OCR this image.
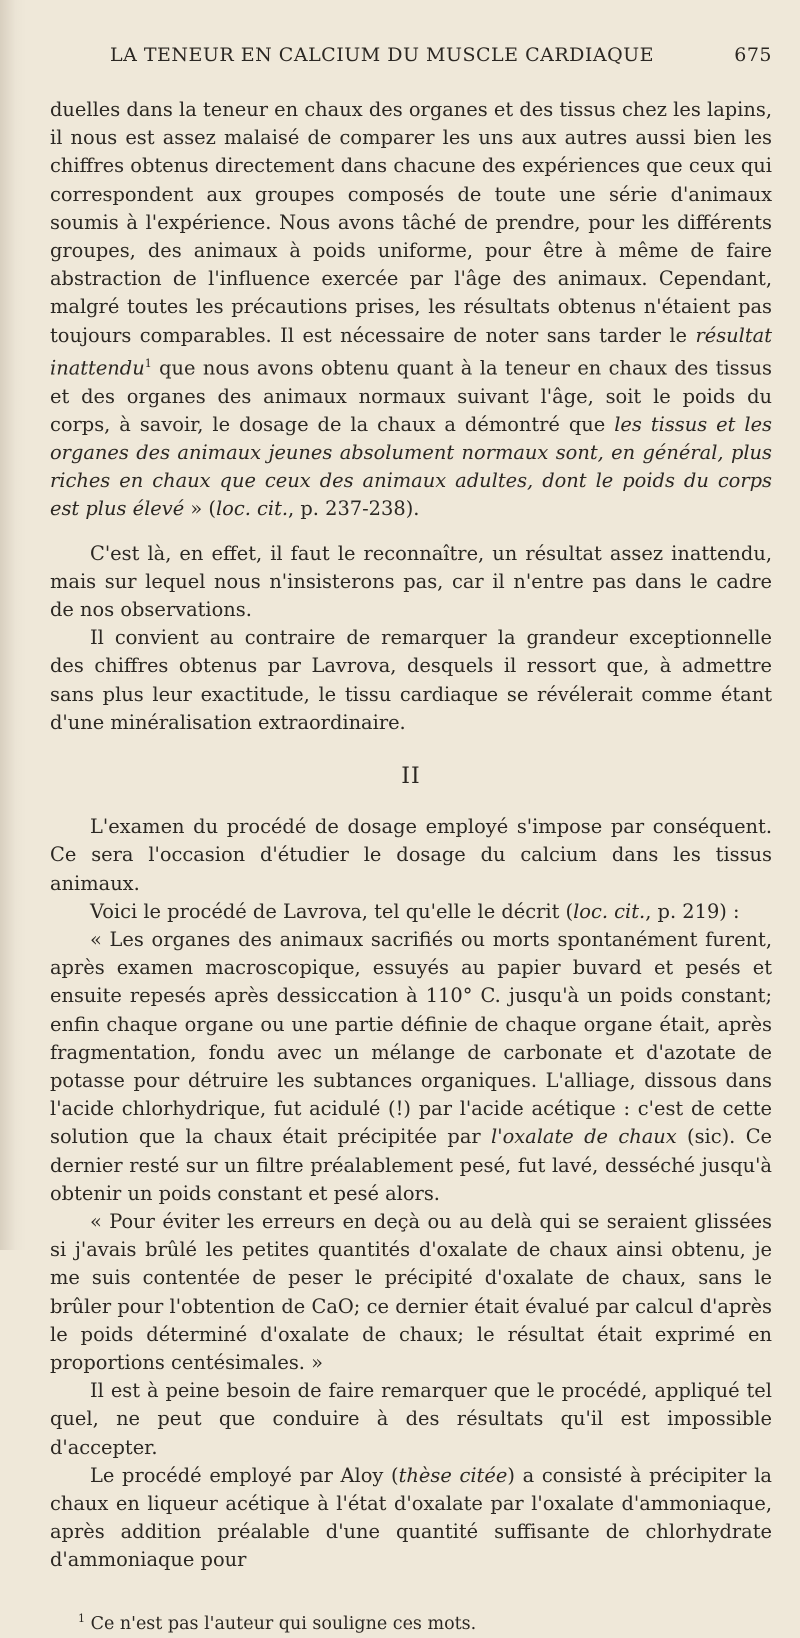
LA TENEUR EN CALCIUM DU MUSCLE CARDIAQUE	675

duelles dans la teneur en chaux des organes et des tissus chez les lapins, il nous est assez malaisé de comparer les uns aux autres aussi bien les chiffres obtenus directement dans chacune des expériences que ceux qui correspondent aux groupes composés de toute une série d'animaux soumis à l'expérience. Nous avons tâché de prendre, pour les différents groupes, des animaux à poids uniforme, pour être à même de faire abstraction de l'influence exercée par l'âge des animaux. Cependant, malgré toutes les précautions prises, les résultats obtenus n'étaient pas toujours comparables. Il est nécessaire de noter sans tarder le résultat inattendu$^1$ que nous avons obtenu quant à la teneur en chaux des tissus et des organes des animaux normaux suivant l'âge, soit le poids du corps, à savoir, le dosage de la chaux a démontré que les tissus et les organes des animaux jeunes absolument normaux sont, en général, plus riches en chaux que ceux des animaux adultes, dont le poids du corps est plus élevé » (loc. cit., p. 237-238).

C'est là, en effet, il faut le reconnaître, un résultat assez inattendu, mais sur lequel nous n'insisterons pas, car il n'entre pas dans le cadre de nos observations.

Il convient au contraire de remarquer la grandeur exceptionnelle des chiffres obtenus par Lavrova, desquels il ressort que, à admettre sans plus leur exactitude, le tissu cardiaque se révélerait comme étant d'une minéralisation extraordinaire.

II

L'examen du procédé de dosage employé s'impose par conséquent. Ce sera l'occasion d'étudier le dosage du calcium dans les tissus animaux.

Voici le procédé de Lavrova, tel qu'elle le décrit (loc. cit., p. 219) :

« Les organes des animaux sacrifiés ou morts spontanément furent, après examen macroscopique, essuyés au papier buvard et pesés et ensuite repesés après dessiccation à 110° C. jusqu'à un poids constant; enfin chaque organe ou une partie définie de chaque organe était, après fragmentation, fondu avec un mélange de carbonate et d'azotate de potasse pour détruire les subtances organiques. L'alliage, dissous dans l'acide chlorhydrique, fut acidulé (!) par l'acide acétique : c'est de cette solution que la chaux était précipitée par l'oxalate de chaux (sic). Ce dernier resté sur un filtre préalablement pesé, fut lavé, desséché jusqu'à obtenir un poids constant et pesé alors.

« Pour éviter les erreurs en deçà ou au delà qui se seraient glissées si j'avais brûlé les petites quantités d'oxalate de chaux ainsi obtenu, je me suis contentée de peser le précipité d'oxalate de chaux, sans le brûler pour l'obtention de CaO; ce dernier était évalué par calcul d'après le poids déterminé d'oxalate de chaux; le résultat était exprimé en proportions centésimales. »

Il est à peine besoin de faire remarquer que le procédé, appliqué tel quel, ne peut que conduire à des résultats qu'il est impossible d'accepter.

Le procédé employé par Aloy (thèse citée) a consisté à précipiter la chaux en liqueur acétique à l'état d'oxalate par l'oxalate d'ammoniaque, après addition préalable d'une quantité suffisante de chlorhydrate d'ammoniaque pour

$^1$ Ce n'est pas l'auteur qui souligne ces mots.
